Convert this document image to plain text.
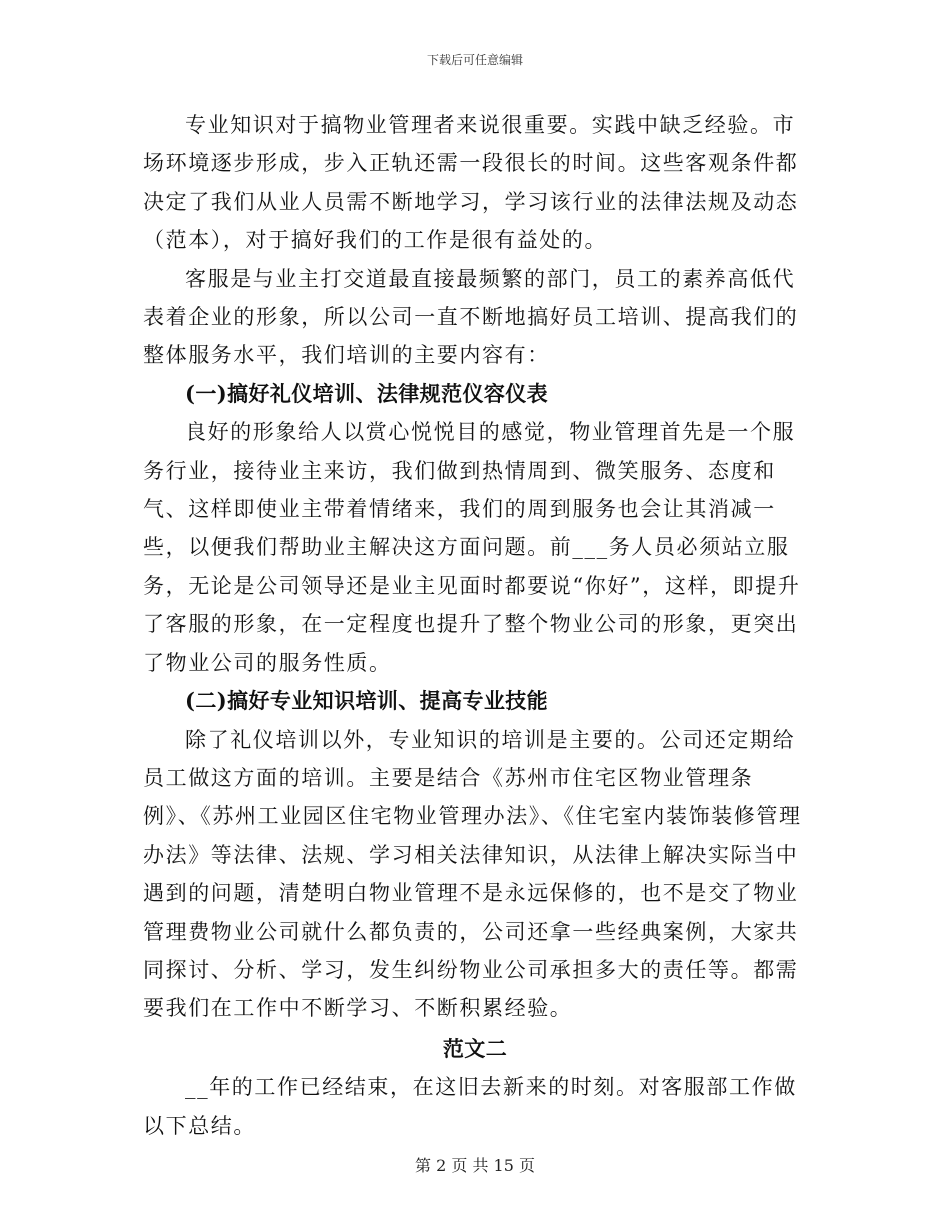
下载后可任意编辑

专业知识对于搞物业管理者来说很重要。实践中缺乏经验。市场环境逐步形成，步入正轨还需一段很长的时间。这些客观条件都决定了我们从业人员需不断地学习，学习该行业的法律法规及动态（范本），对于搞好我们的工作是很有益处的。

客服是与业主打交道最直接最频繁的部门，员工的素养高低代表着企业的形象，所以公司一直不断地搞好员工培训、提高我们的整体服务水平，我们培训的主要内容有：

(一)搞好礼仪培训、法律规范仪容仪表

良好的形象给人以赏心悦悦目的感觉，物业管理首先是一个服务行业，接待业主来访，我们做到热情周到、微笑服务、态度和气、这样即使业主带着情绪来，我们的周到服务也会让其消减一些，以便我们帮助业主解决这方面问题。前___务人员必须站立服务，无论是公司领导还是业主见面时都要说“你好”，这样，即提升了客服的形象，在一定程度也提升了整个物业公司的形象，更突出了物业公司的服务性质。

(二)搞好专业知识培训、提高专业技能

除了礼仪培训以外，专业知识的培训是主要的。公司还定期给员工做这方面的培训。主要是结合《苏州市住宅区物业管理条例》、《苏州工业园区住宅物业管理办法》、《住宅室内装饰装修管理办法》等法律、法规、学习相关法律知识，从法律上解决实际当中遇到的问题，清楚明白物业管理不是永远保修的，也不是交了物业管理费物业公司就什么都负责的，公司还拿一些经典案例，大家共同探讨、分析、学习，发生纠纷物业公司承担多大的责任等。都需要我们在工作中不断学习、不断积累经验。

范文二

__年的工作已经结束，在这旧去新来的时刻。对客服部工作做以下总结。

第 2 页 共 15 页
